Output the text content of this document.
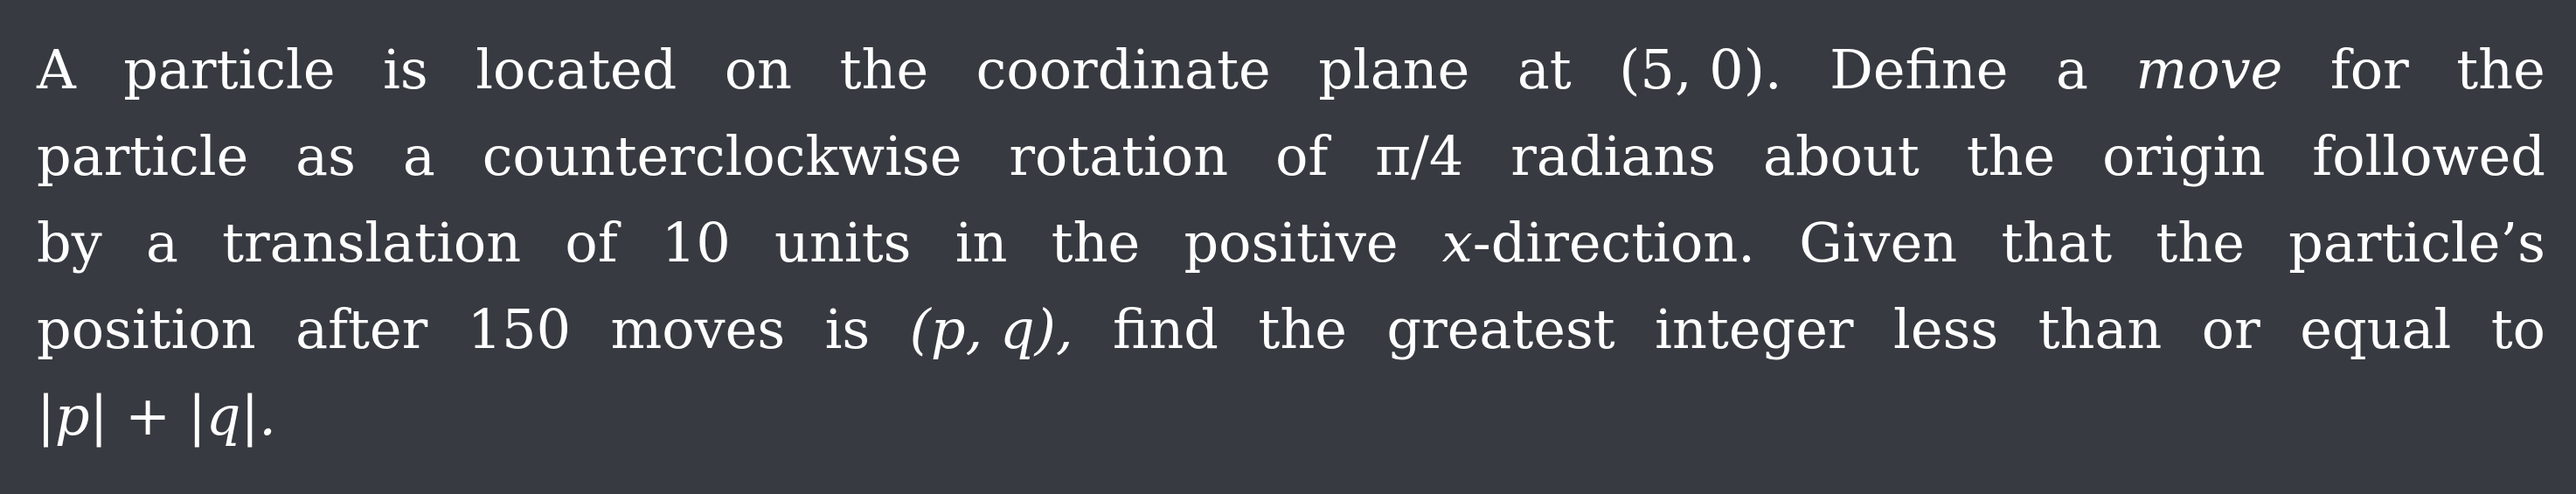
A particle is located on the coordinate plane at (5, 0). Define a move for the
particle as a counterclockwise rotation of π/4 radians about the origin followed
by a translation of 10 units in the positive x-direction. Given that the particle’s
position after 150 moves is (p, q), find the greatest integer less than or equal to
|p| + |q|.
